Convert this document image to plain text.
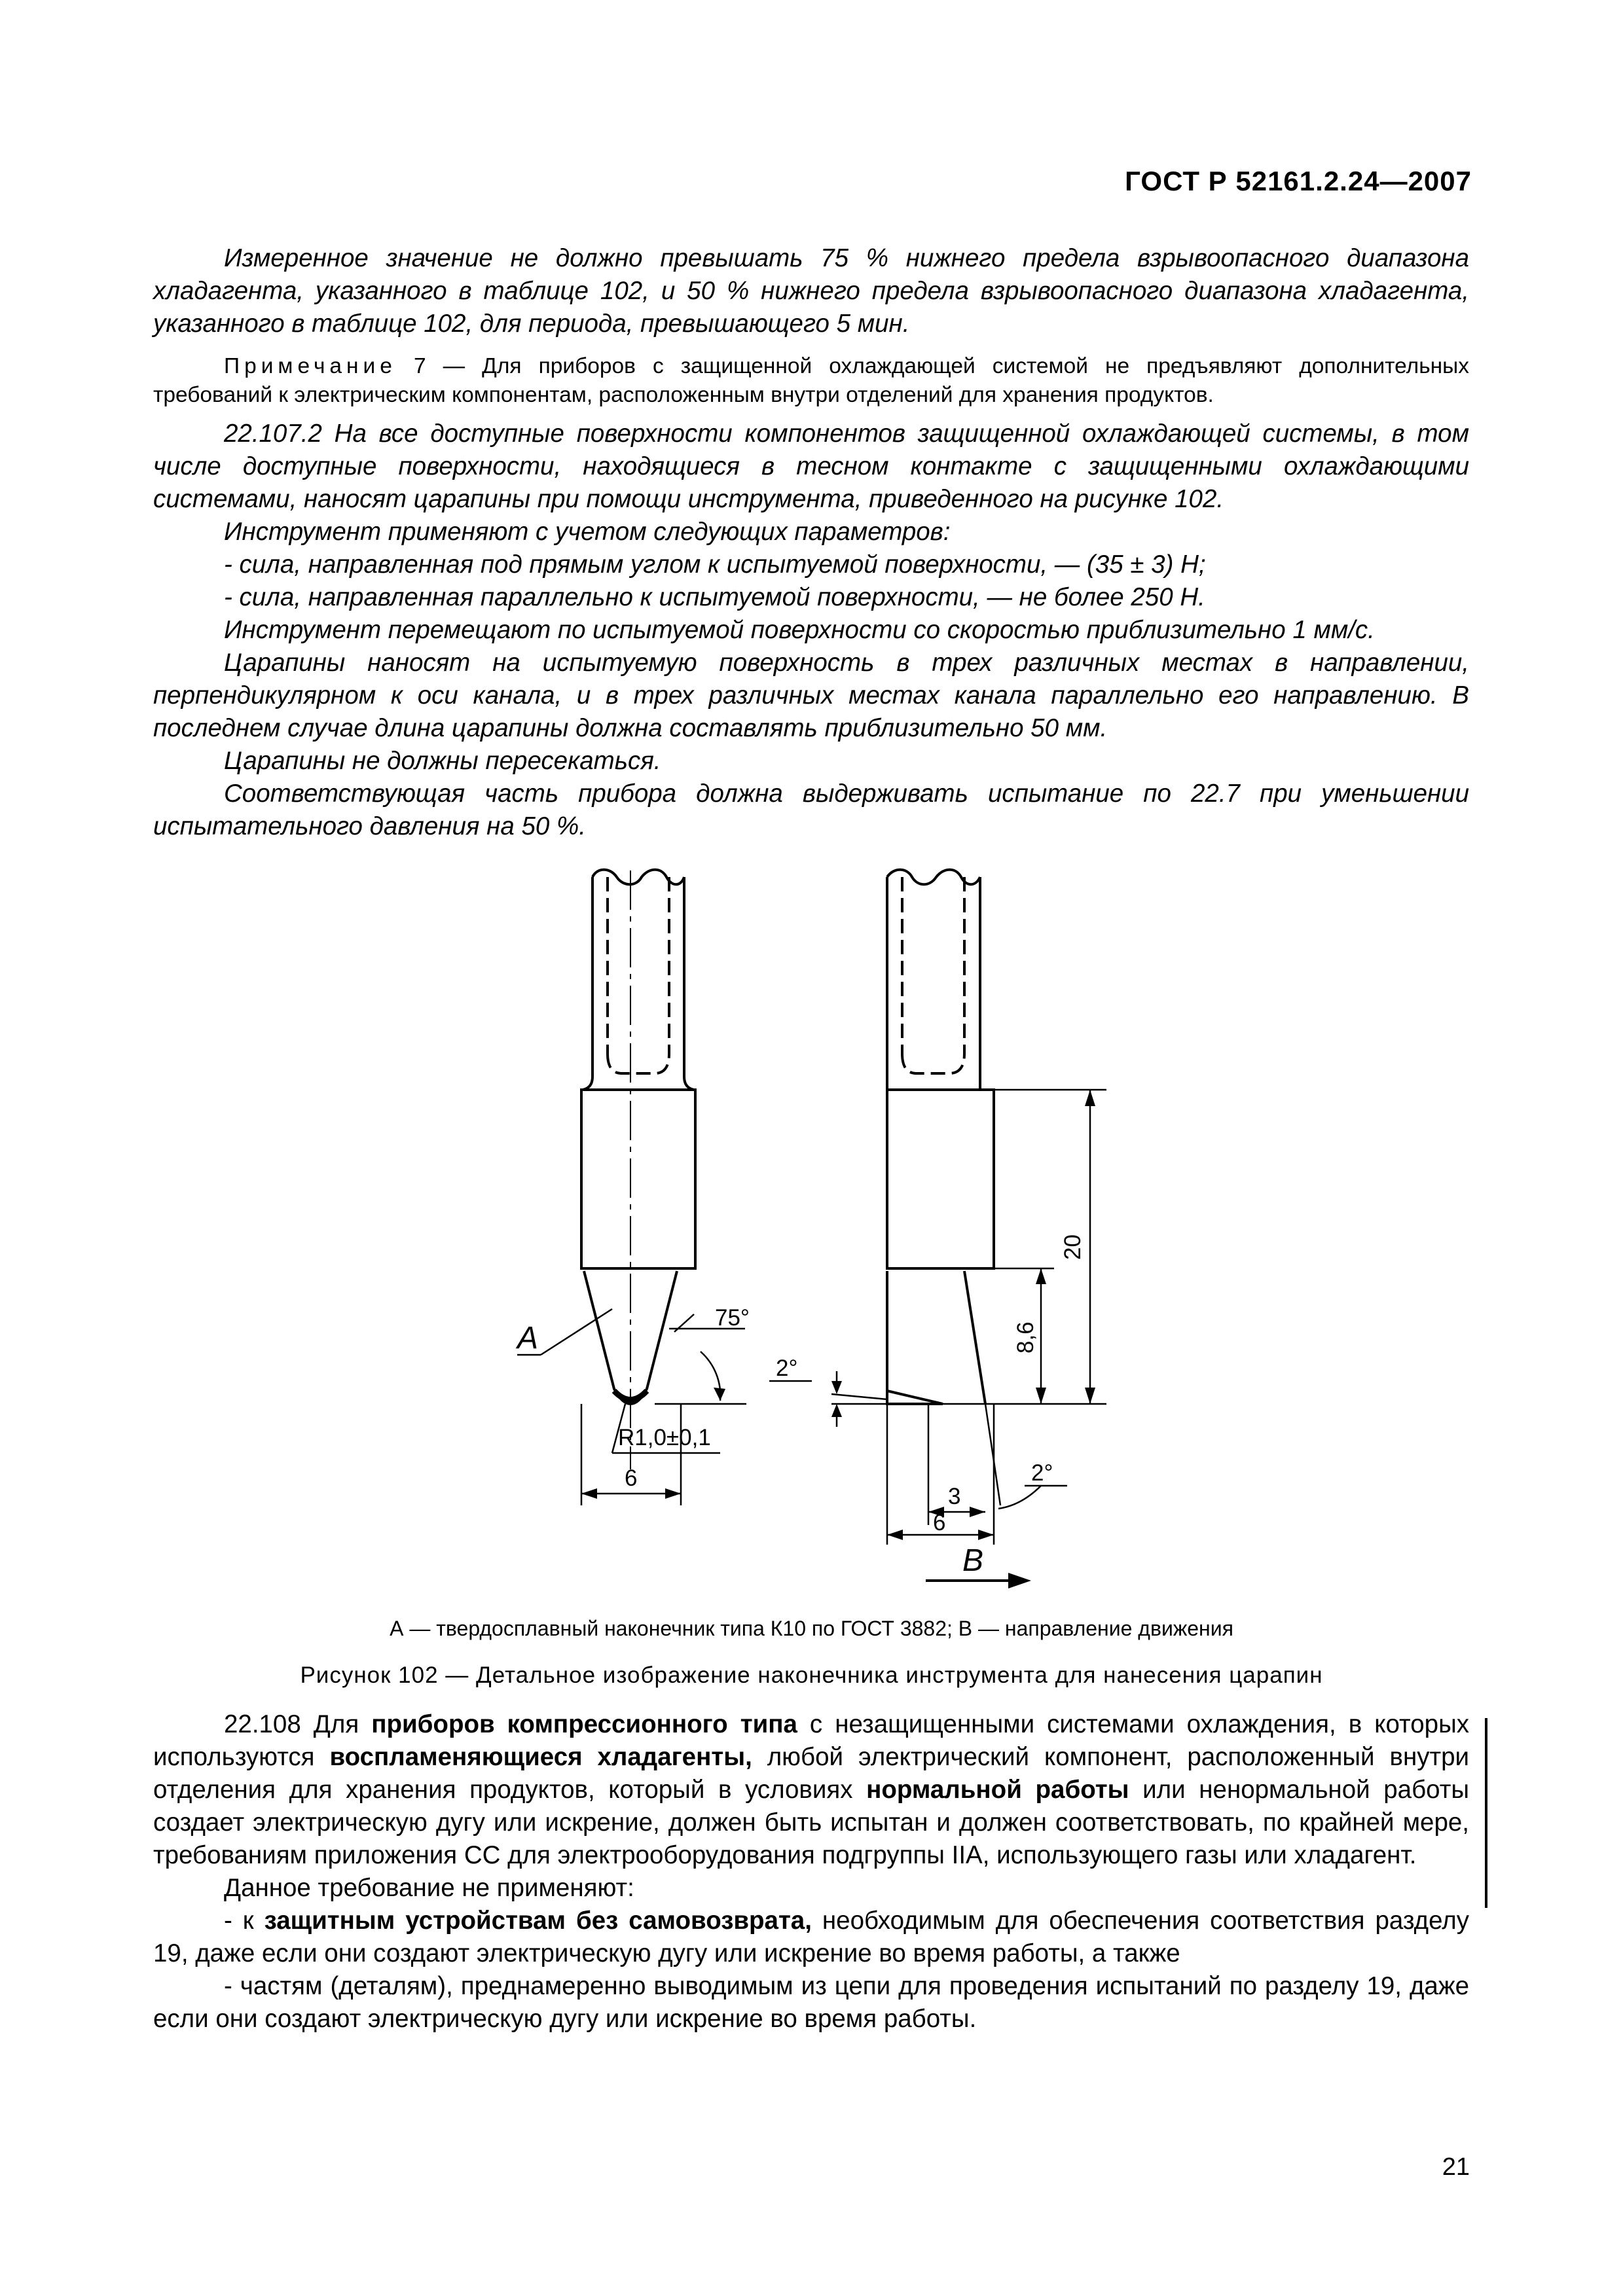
ГОСТ Р 52161.2.24—2007

Измеренное значение не должно превышать 75 % нижнего предела взрывоопасного диапазона хладагента, указанного в таблице 102, и 50 % нижнего предела взрывоопасного диапазона хладагента, указанного в таблице 102, для периода, превышающего 5 мин.

Примечание 7 — Для приборов с защищенной охлаждающей системой не предъявляют дополнительных требований к электрическим компонентам, расположенным внутри отделений для хранения продуктов.

22.107.2 На все доступные поверхности компонентов защищенной охлаждающей системы, в том числе доступные поверхности, находящиеся в тесном контакте с защищенными охлаждающими системами, наносят царапины при помощи инструмента, приведенного на рисунке 102.

Инструмент применяют с учетом следующих параметров:

- сила, направленная под прямым углом к испытуемой поверхности, — (35 ± 3) Н;

- сила, направленная параллельно к испытуемой поверхности, — не более 250 Н.

Инструмент перемещают по испытуемой поверхности со скоростью приблизительно 1 мм/с.

Царапины наносят на испытуемую поверхность в трех различных местах в направлении, перпендикулярном к оси канала, и в трех различных местах канала параллельно его направлению. В последнем случае длина царапины должна составлять приблизительно 50 мм.

Царапины не должны пересекаться.

Соответствующая часть прибора должна выдерживать испытание по 22.7 при уменьшении испытательного давления на 50 %.

А
75°
R1,0±0,1
6
2°
20
8,6
3
2°
6
В
А — твердосплавный наконечник типа К10 по ГОСТ 3882; В — направление движения
Рисунок 102 — Детальное изображение наконечника инструмента для нанесения царапин

22.108 Для приборов компрессионного типа с незащищенными системами охлаждения, в которых используются воспламеняющиеся хладагенты, любой электрический компонент, расположенный внутри отделения для хранения продуктов, который в условиях нормальной работы или ненормальной работы создает электрическую дугу или искрение, должен быть испытан и должен соответствовать, по крайней мере, требованиям приложения СС для электрооборудования подгруппы IIA, использующего газы или хладагент.

Данное требование не применяют:

- к защитным устройствам без самовозврата, необходимым для обеспечения соответствия разделу 19, даже если они создают электрическую дугу или искрение во время работы, а также

- частям (деталям), преднамеренно выводимым из цепи для проведения испытаний по разделу 19, даже если они создают электрическую дугу или искрение во время работы.

21
